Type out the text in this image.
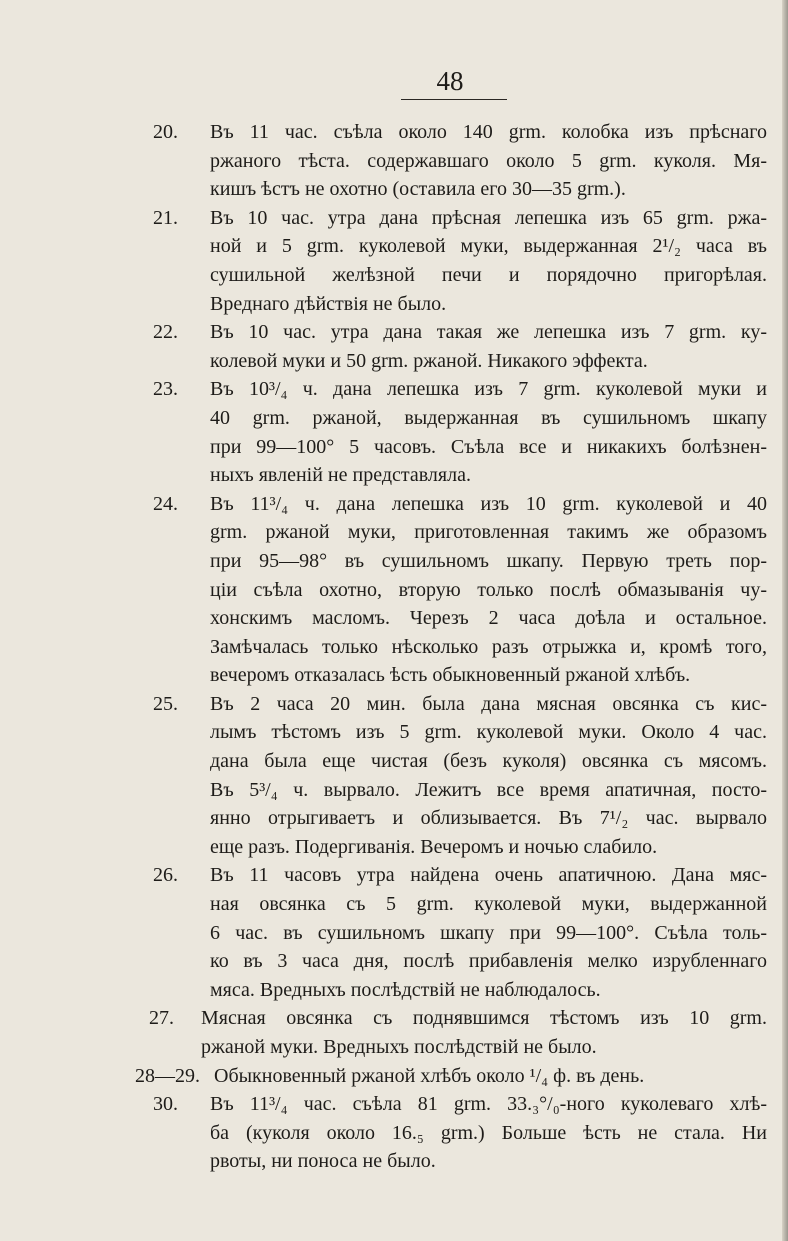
48
20. Въ 11 час. съѣла около 140 grm. колобка изъ прѣснаго
ржаного тѣста. содержавшаго около 5 grm. куколя. Мя-
кишъ ѣстъ не охотно (оставила его 30—35 grm.).
21. Въ 10 час. утра дана прѣсная лепешка изъ 65 grm. ржа-
ной и 5 grm. куколевой муки, выдержанная 2¹/₂ часа въ
сушильной желѣзной печи и порядочно пригорѣлая.
Вреднаго дѣйствія не было.
22. Въ 10 час. утра дана такая же лепешка изъ 7 grm. ку-
колевой муки и 50 grm. ржаной. Никакого эффекта.
23. Въ 10³/₄ ч. дана лепешка изъ 7 grm. куколевой муки и
40 grm. ржаной, выдержанная въ сушильномъ шкапу
при 99—100° 5 часовъ. Съѣла все и никакихъ болѣзнен-
ныхъ явленій не представляла.
24. Въ 11³/₄ ч. дана лепешка изъ 10 grm. куколевой и 40
grm. ржаной муки, приготовленная такимъ же образомъ
при 95—98° въ сушильномъ шкапу. Первую треть пор-
ціи съѣла охотно, вторую только послѣ обмазыванія чу-
хонскимъ масломъ. Черезъ 2 часа доѣла и остальное.
Замѣчалась только нѣсколько разъ отрыжка и, кромѣ того,
вечеромъ отказалась ѣсть обыкновенный ржаной хлѣбъ.
25. Въ 2 часа 20 мин. была дана мясная овсянка съ кис-
лымъ тѣстомъ изъ 5 grm. куколевой муки. Около 4 час.
дана была еще чистая (безъ куколя) овсянка съ мясомъ.
Въ 5³/₄ ч. вырвало. Лежитъ все время апатичная, посто-
янно отрыгиваетъ и облизывается. Въ 7¹/₂ час. вырвало
еще разъ. Подергиванія. Вечеромъ и ночью слабило.
26. Въ 11 часовъ утра найдена очень апатичною. Дана мяс-
ная овсянка съ 5 grm. куколевой муки, выдержанной
6 час. въ сушильномъ шкапу при 99—100°. Съѣла толь-
ко въ 3 часа дня, послѣ прибавленія мелко изрубленнаго
мяса. Вредныхъ послѣдствій не наблюдалось.
27. Мясная овсянка съ поднявшимся тѣстомъ изъ 10 grm.
ржаной муки. Вредныхъ послѣдствій не было.
28—29. Обыкновенный ржаной хлѣбъ около ¹/₄ ф. въ день.
30. Въ 11³/₄ час. съѣла 81 grm. 33.₃°/₀-ного куколеваго хлѣ-
ба (куколя около 16.₅ grm.) Больше ѣсть не стала. Ни
рвоты, ни поноса не было.
